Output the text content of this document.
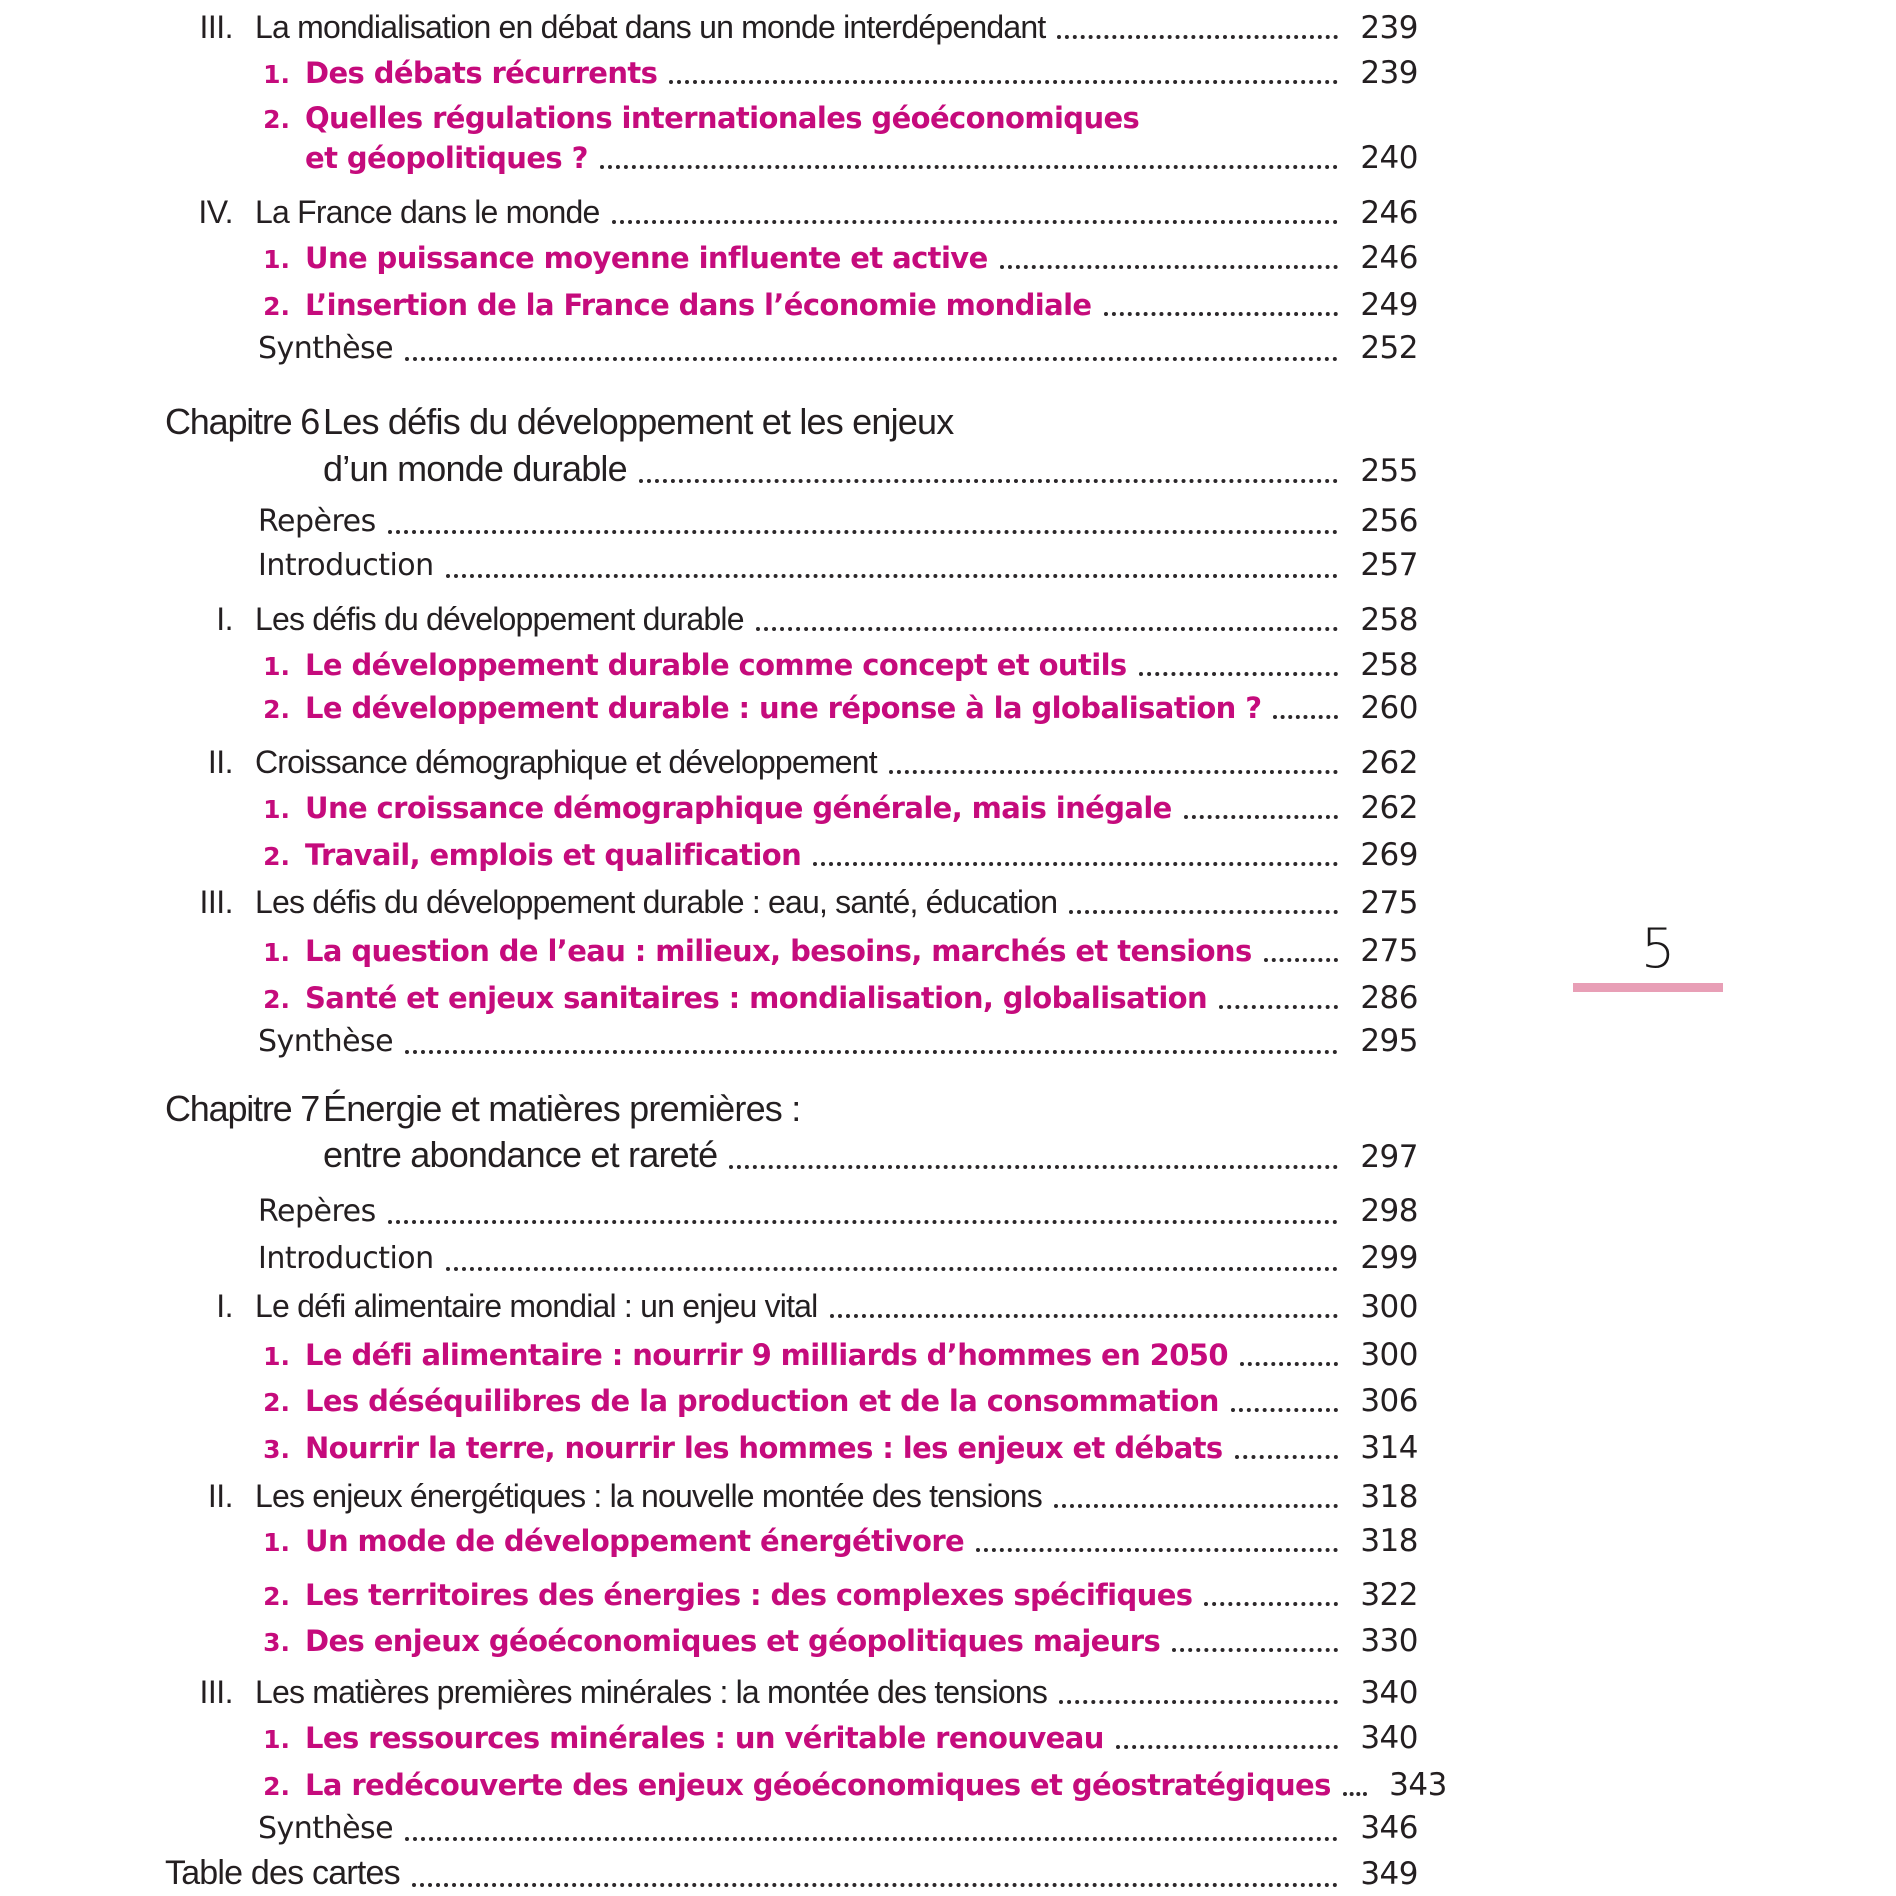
III. La mondialisation en débat dans un monde interdépendant	239
1. Des débats récurrents	239
2. Quelles régulations internationales géoéconomiques
et géopolitiques ?	240
IV. La France dans le monde	246
1. Une puissance moyenne influente et active	246
2. L’insertion de la France dans l’économie mondiale	249
Synthèse	252
Chapitre 6 Les défis du développement et les enjeux
d’un monde durable	255
Repères	256
Introduction	257
I. Les défis du développement durable	258
1. Le développement durable comme concept et outils	258
2. Le développement durable : une réponse à la globalisation ?	260
II. Croissance démographique et développement	262
1. Une croissance démographique générale, mais inégale	262
2. Travail, emplois et qualification	269
III. Les défis du développement durable : eau, santé, éducation	275
1. La question de l’eau : milieux, besoins, marchés et tensions	275
2. Santé et enjeux sanitaires : mondialisation, globalisation	286
Synthèse	295
Chapitre 7 Énergie et matières premières :
entre abondance et rareté	297
Repères	298
Introduction	299
I. Le défi alimentaire mondial : un enjeu vital	300
1. Le défi alimentaire : nourrir 9 milliards d’hommes en 2050	300
2. Les déséquilibres de la production et de la consommation	306
3. Nourrir la terre, nourrir les hommes : les enjeux et débats	314
II. Les enjeux énergétiques : la nouvelle montée des tensions	318
1. Un mode de développement énergétivore	318
2. Les territoires des énergies : des complexes spécifiques	322
3. Des enjeux géoéconomiques et géopolitiques majeurs	330
III. Les matières premières minérales : la montée des tensions	340
1. Les ressources minérales : un véritable renouveau	340
2. La redécouverte des enjeux géoéconomiques et géostratégiques	343
Synthèse	346
Table des cartes	349
5
